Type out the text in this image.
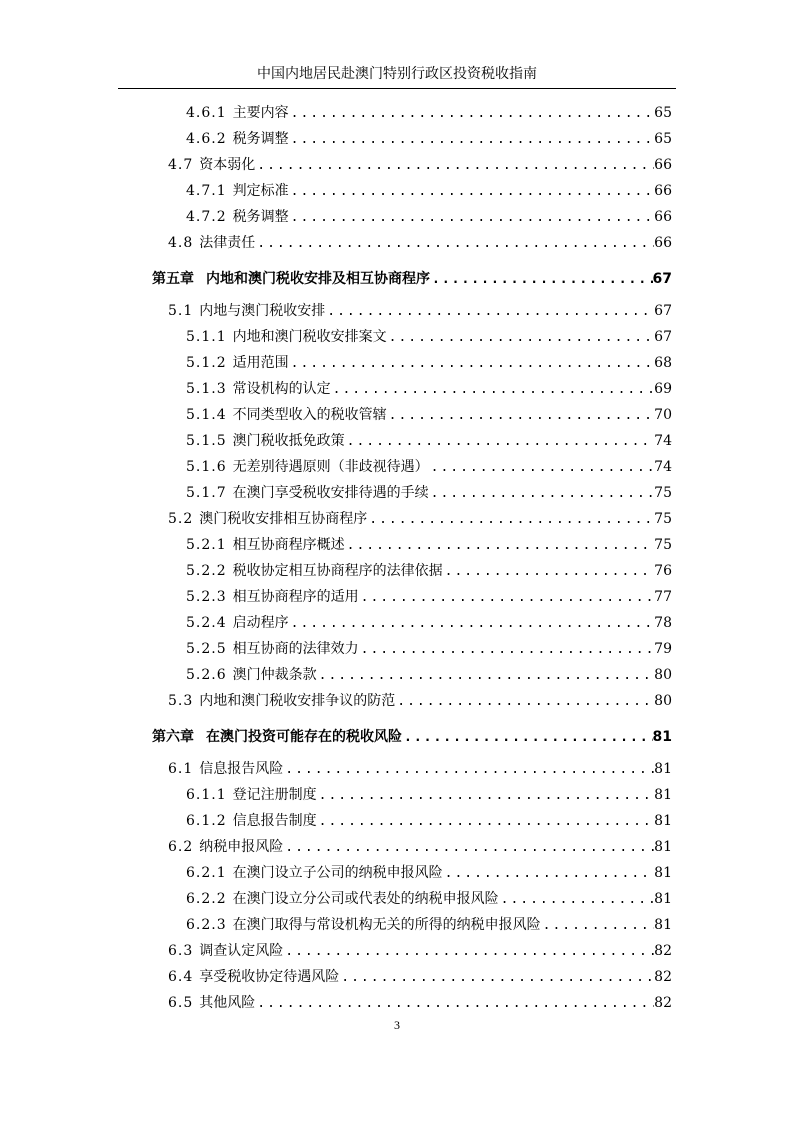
中国内地居民赴澳门特别行政区投资税收指南
4.6.1 主要内容 .....	65
4.6.2 税务调整 .....	65
4.7 资本弱化 .....	66
4.7.1 判定标准 .....	66
4.7.2 税务调整 .....	66
4.8 法律责任 .....	66
第五章 内地和澳门税收安排及相互协商程序 .....	67
5.1 内地与澳门税收安排 .....	67
5.1.1 内地和澳门税收安排案文 .....	67
5.1.2 适用范围 .....	68
5.1.3 常设机构的认定 .....	69
5.1.4 不同类型收入的税收管辖 .....	70
5.1.5 澳门税收抵免政策 .....	74
5.1.6 无差别待遇原则（非歧视待遇） .....	74
5.1.7 在澳门享受税收安排待遇的手续 .....	75
5.2 澳门税收安排相互协商程序 .....	75
5.2.1 相互协商程序概述 .....	75
5.2.2 税收协定相互协商程序的法律依据 .....	76
5.2.3 相互协商程序的适用 .....	77
5.2.4 启动程序 .....	78
5.2.5 相互协商的法律效力 .....	79
5.2.6 澳门仲裁条款 .....	80
5.3 内地和澳门税收安排争议的防范 .....	80
第六章 在澳门投资可能存在的税收风险 .....	81
6.1 信息报告风险 .....	81
6.1.1 登记注册制度 .....	81
6.1.2 信息报告制度 .....	81
6.2 纳税申报风险 .....	81
6.2.1 在澳门设立子公司的纳税申报风险 .....	81
6.2.2 在澳门设立分公司或代表处的纳税申报风险 .....	81
6.2.3 在澳门取得与常设机构无关的所得的纳税申报风险 .....	81
6.3 调查认定风险 .....	82
6.4 享受税收协定待遇风险 .....	82
6.5 其他风险 .....	82
3
